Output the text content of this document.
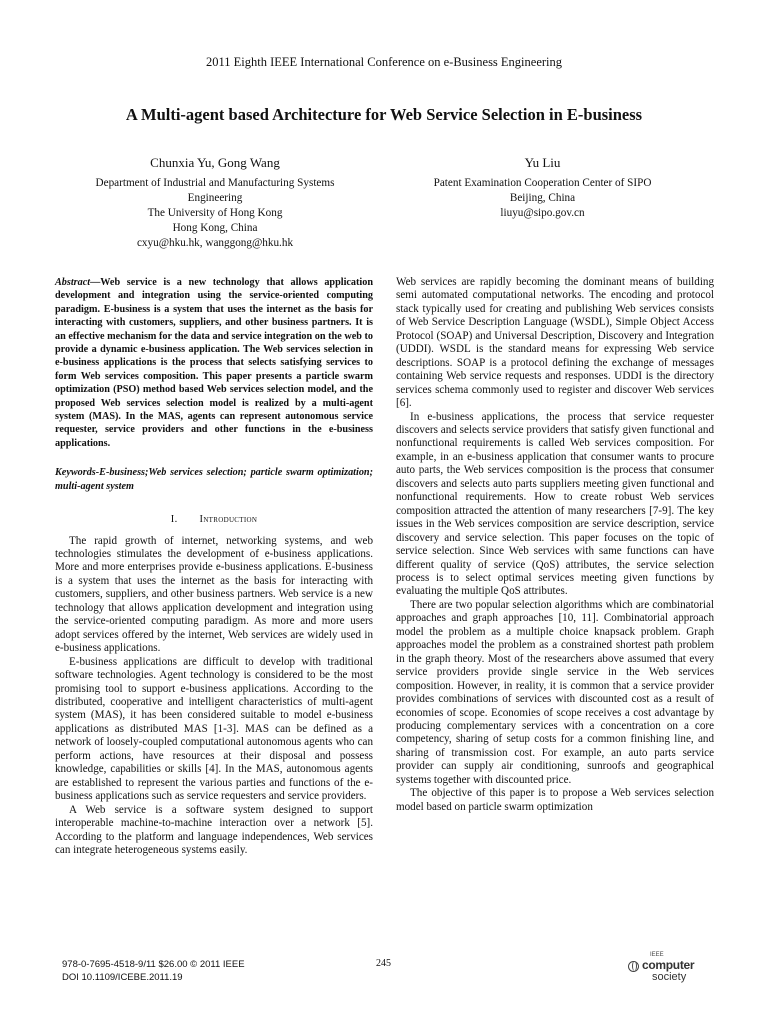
2011 Eighth IEEE International Conference on e-Business Engineering
A Multi-agent based Architecture for Web Service Selection in E-business
Chunxia Yu, Gong Wang
Department of Industrial and Manufacturing Systems
Engineering
The University of Hong Kong
Hong Kong, China
cxyu@hku.hk, wanggong@hku.hk
Yu Liu
Patent Examination Cooperation Center of SIPO
Beijing, China
liuyu@sipo.gov.cn

Abstract—Web service is a new technology that allows application development and integration using the service-oriented computing paradigm. E-business is a system that uses the internet as the basis for interacting with customers, suppliers, and other business partners. It is an effective mechanism for the data and service integration on the web to provide a dynamic e-business application. The Web services selection in e-business applications is the process that selects satisfying services to form Web services composition. This paper presents a particle swarm optimization (PSO) method based Web services selection model, and the proposed Web services selection model is realized by a multi-agent system (MAS). In the MAS, agents can represent autonomous service requester, service providers and other functions in the e-business applications.

Keywords-E-business;Web services selection; particle swarm optimization; multi-agent system

I. Introduction

The rapid growth of internet, networking systems, and web technologies stimulates the development of e-business applications. More and more enterprises provide e-business applications. E-business is a system that uses the internet as the basis for interacting with customers, suppliers, and other business partners. Web service is a new technology that allows application development and integration using the service-oriented computing paradigm. As more and more users adopt services offered by the internet, Web services are widely used in e-business applications.

E-business applications are difficult to develop with traditional software technologies. Agent technology is considered to be the most promising tool to support e-business applications. According to the distributed, cooperative and intelligent characteristics of multi-agent system (MAS), it has been considered suitable to model e-business applications as distributed MAS [1-3]. MAS can be defined as a network of loosely-coupled computational autonomous agents who can perform actions, have resources at their disposal and possess knowledge, capabilities or skills [4]. In the MAS, autonomous agents are established to represent the various parties and functions of the e-business applications such as service requesters and service providers.

A Web service is a software system designed to support interoperable machine-to-machine interaction over a network [5]. According to the platform and language independences, Web services can integrate heterogeneous systems easily.

Web services are rapidly becoming the dominant means of building semi automated computational networks. The encoding and protocol stack typically used for creating and publishing Web services consists of Web Service Description Language (WSDL), Simple Object Access Protocol (SOAP) and Universal Description, Discovery and Integration (UDDI). WSDL is the standard means for expressing Web service descriptions. SOAP is a protocol defining the exchange of messages containing Web service requests and responses. UDDI is the directory services schema commonly used to register and discover Web services [6].

In e-business applications, the process that service requester discovers and selects service providers that satisfy given functional and nonfunctional requirements is called Web services composition. For example, in an e-business application that consumer wants to procure auto parts, the Web services composition is the process that consumer discovers and selects auto parts suppliers meeting given functional and nonfunctional requirements. How to create robust Web services composition attracted the attention of many researchers [7-9]. The key issues in the Web services composition are service description, service discovery and service selection. This paper focuses on the topic of service selection. Since Web services with same functions can have different quality of service (QoS) attributes, the service selection process is to select optimal services meeting given functions by evaluating the multiple QoS attributes.

There are two popular selection algorithms which are combinatorial approaches and graph approaches [10, 11]. Combinatorial approach model the problem as a multiple choice knapsack problem. Graph approaches model the problem as a constrained shortest path problem in the graph theory. Most of the researchers above assumed that every service providers provide single service in the Web services composition. However, in reality, it is common that a service provider provides combinations of services with discounted cost as a result of economies of scope. Economies of scope receives a cost advantage by producing complementary services with a concentration on a core competency, sharing of setup costs for a common finishing line, and sharing of transmission cost. For example, an auto parts service provider can supply air conditioning, sunroofs and geographical systems together with discounted price.

The objective of this paper is to propose a Web services selection model based on particle swarm optimization

978-0-7695-4518-9/11 $26.00 © 2011 IEEE
DOI 10.1109/ICEBE.2011.19
245
IEEE
computer
society
